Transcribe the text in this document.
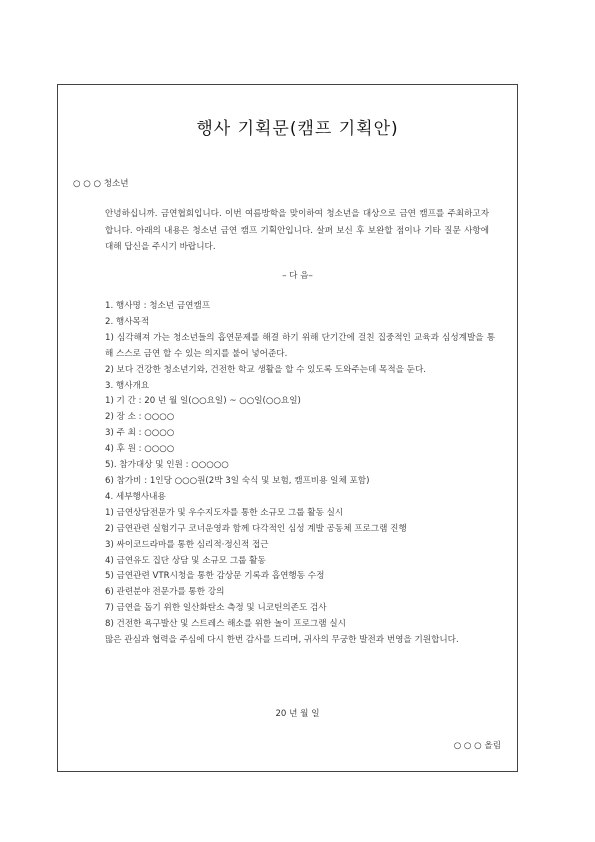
행사 기획문(캠프 기획안)
○ ○ ○ 청소년
안녕하십니까. 금연협회입니다. 이번 여름방학을 맞이하여 청소년을 대상으로 금연 캠프를 주최하고자 합니다. 아래의 내용은 청소년 금연 캠프 기획안입니다. 살펴 보신 후 보완할 점이나 기타 질문 사항에 대해 답신을 주시기 바랍니다.
– 다 음–
1. 행사명 : 청소년 금연캠프
2. 행사목적
1) 심각해져 가는 청소년들의 흡연문제를 해결 하기 위해 단기간에 걸친 집중적인 교육과 심성계발을 통해 스스로 금연 할 수 있는 의지를 불어 넣어준다.
2) 보다 건강한 청소년기와, 건전한 학교 생활을 할 수 있도록 도와주는데 목적을 둔다.
3. 행사개요
1) 기 간 : 20 년 월 일(○○요일) ~ ○○일(○○요일)
2) 장 소 : ○○○○
3) 주 최 : ○○○○
4) 후 원 : ○○○○
5). 참가대상 및 인원 : ○○○○○
6) 참가비 : 1인당 ○○○원(2박 3일 숙식 및 보험, 캠프비용 일체 포함)
4. 세부행사내용
1) 금연상담전문가 및 우수지도자를 통한 소규모 그룹 활동 실시
2) 금연관련 실험기구 코너운영과 함께 다각적인 심성 계발 공동체 프로그램 진행
3) 싸이코드라마를 통한 심리적·정신적 접근
4) 금연유도 집단 상담 및 소규모 그룹 활동
5) 금연관련 VTR시청을 통한 감상문 기록과 흡연행동 수정
6) 관련분야 전문가를 통한 강의
7) 금연을 돕기 위한 일산화탄소 측정 및 니코틴의존도 검사
8) 건전한 욕구발산 및 스트레스 해소를 위한 놀이 프로그램 실시
많은 관심과 협력을 주심에 다시 한번 감사를 드리며, 귀사의 무궁한 발전과 번영을 기원합니다.
20 년 월 일
○ ○ ○ 올림
